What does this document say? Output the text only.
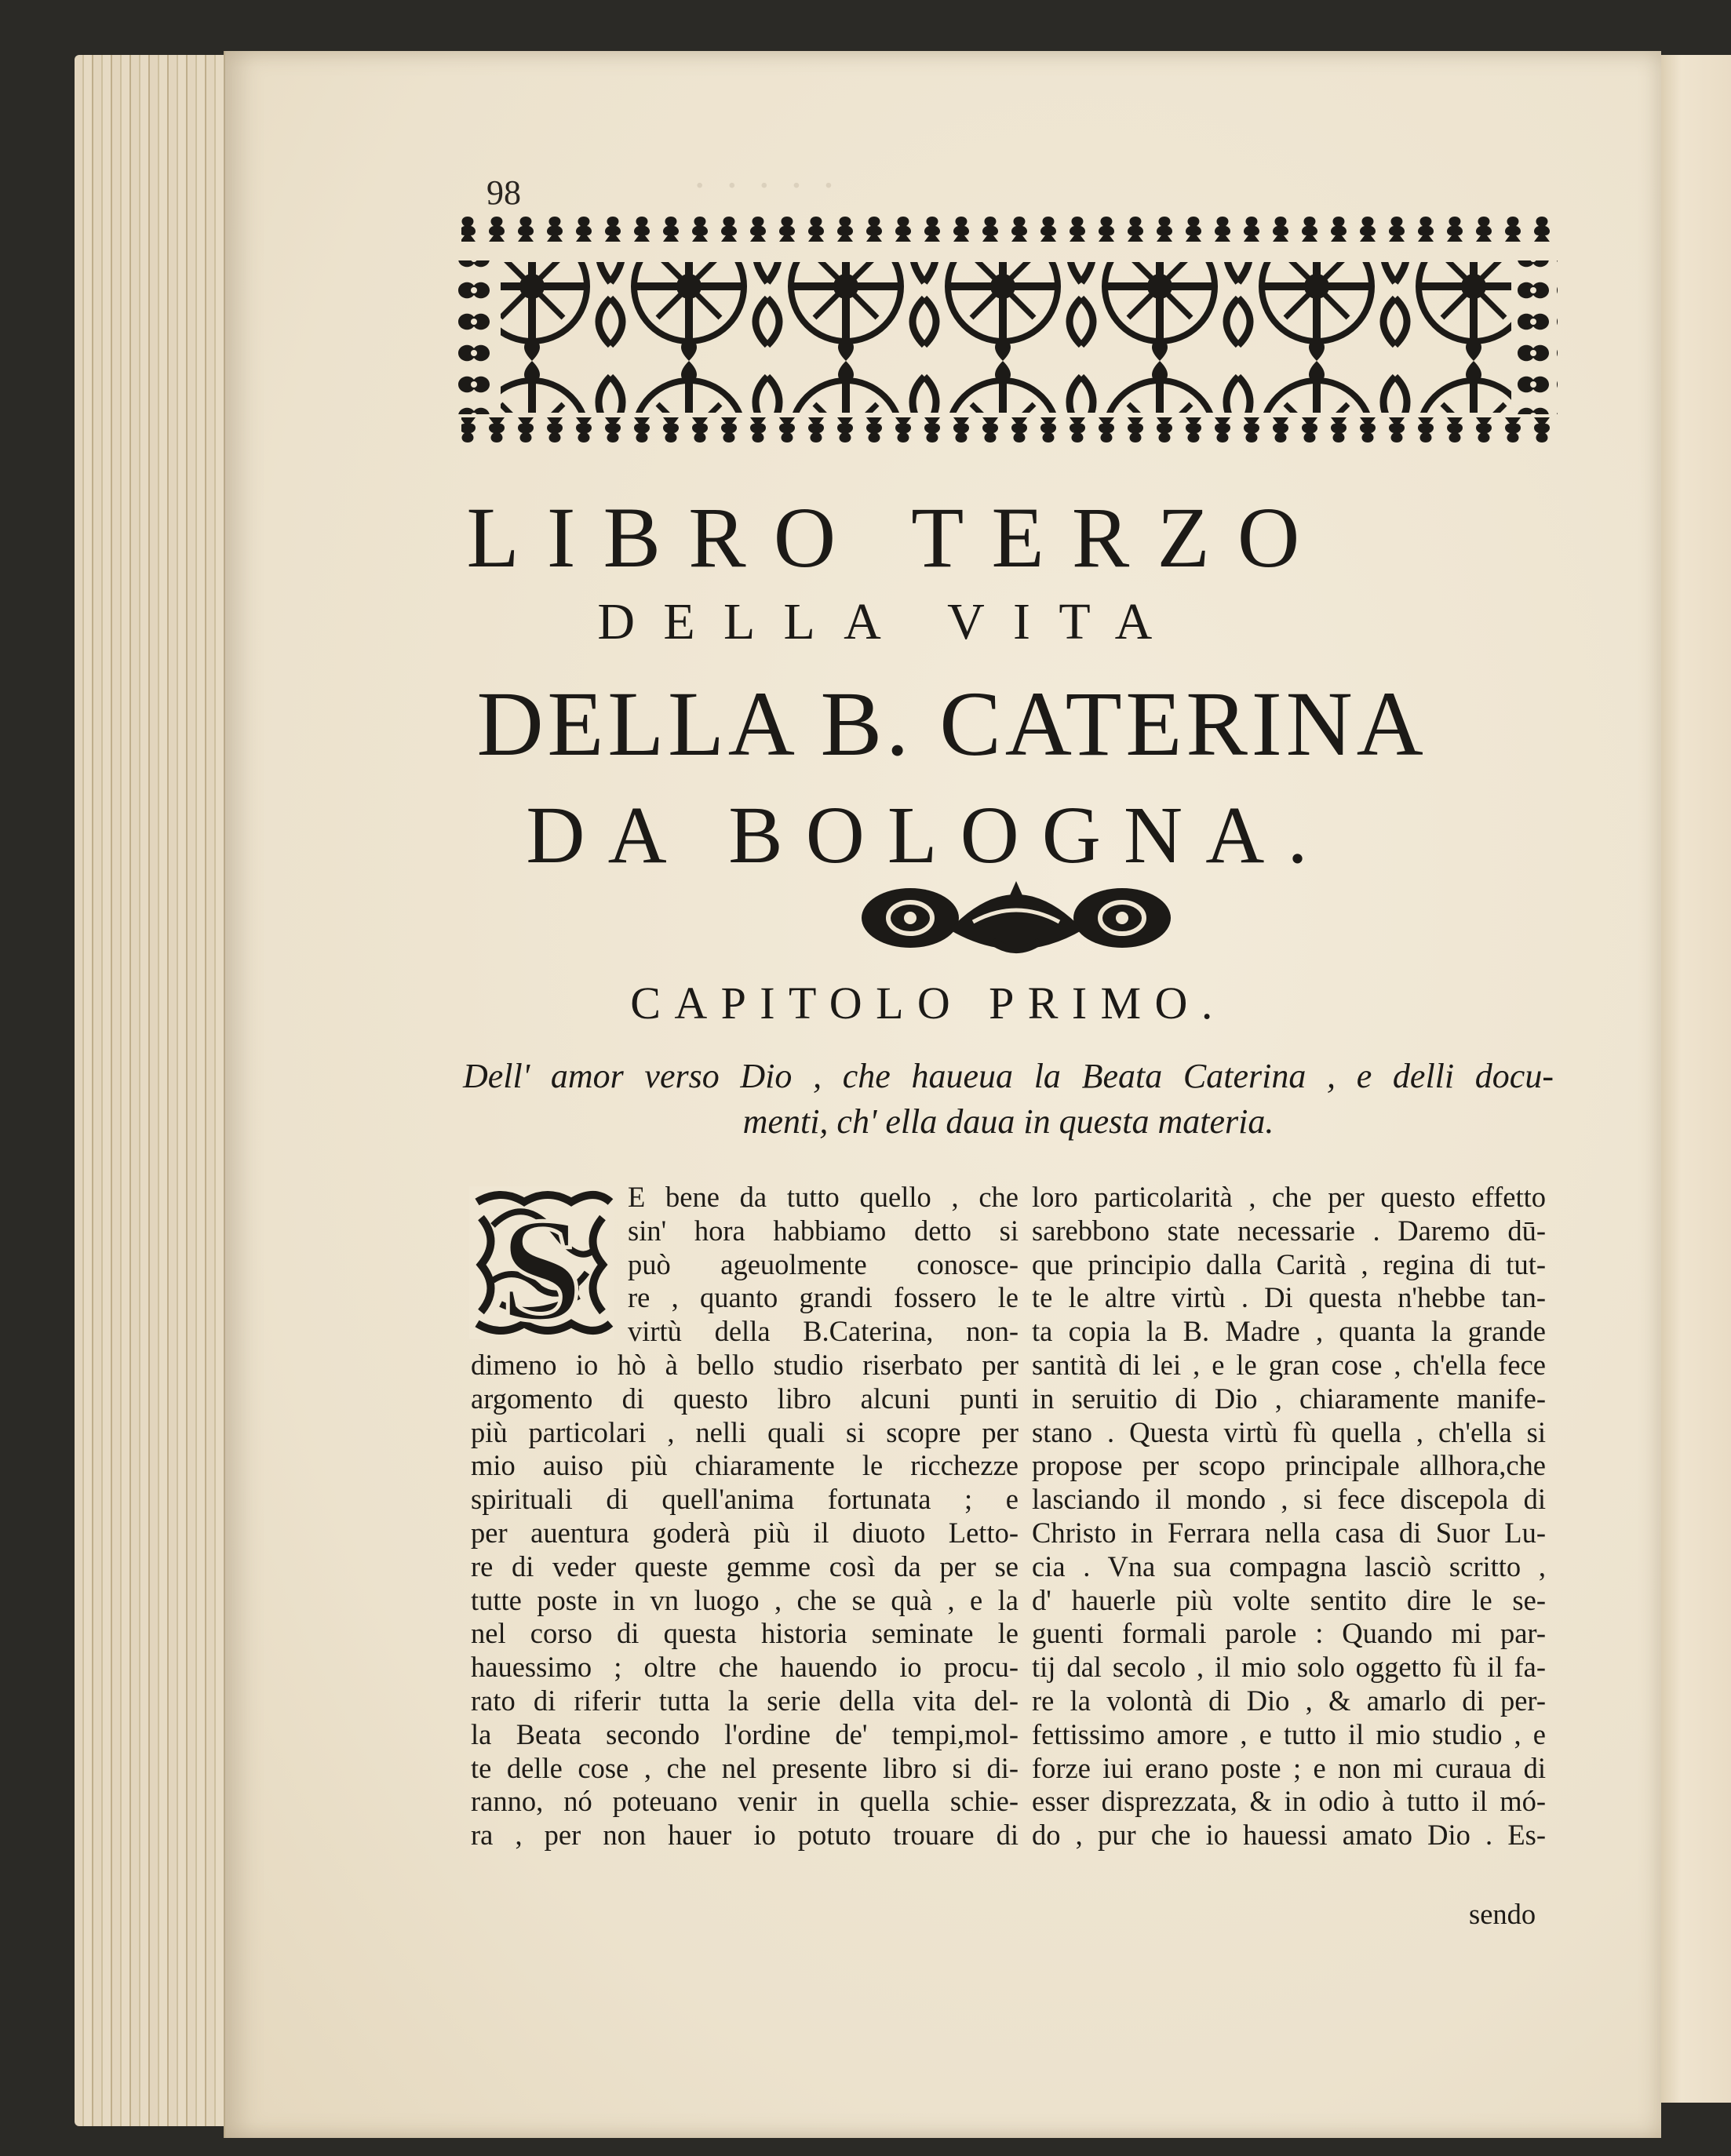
·····
98
LIBRO TERZO
DELLA VITA
DELLA B. CATERINA
DA BOLOGNA.
CAPITOLO PRIMO.
Dell' amor verso Dio , che haueua la Beata Caterina , e delli docu-
menti, ch' ella daua in questa materia.
S	E bene da tutto quello , che
sin' hora habbiamo detto si
può ageuolmente conosce-
re , quanto grandi fossero le
virtù della B.Caterina, non-
dimeno io hò à bello studio riserbato per
argomento di questo libro alcuni punti
più particolari , nelli quali si scopre per
mio auiso più chiaramente le ricchezze
spirituali di quell'anima fortunata ; e
per auentura goderà più il diuoto Letto-
re di veder queste gemme così da per se
tutte poste in vn luogo , che se quà , e la
nel corso di questa historia seminate le
hauessimo ; oltre che hauendo io procu-
rato di riferir tutta la serie della vita del-
la Beata secondo l'ordine de' tempi,mol-
te delle cose , che nel presente libro si di-
ranno, nó poteuano venir in quella schie-
ra , per non hauer io potuto trouare di
loro particolarità , che per questo effetto
sarebbono state necessarie . Daremo dū-
que principio dalla Carità , regina di tut-
te le altre virtù . Di questa n'hebbe tan-
ta copia la B. Madre , quanta la grande
santità di lei , e le gran cose , ch'ella fece
in seruitio di Dio , chiaramente manife-
stano . Questa virtù fù quella , ch'ella si
propose per scopo principale allhora,che
lasciando il mondo , si fece discepola di
Christo in Ferrara nella casa di Suor Lu-
cia . Vna sua compagna lasciò scritto ,
d' hauerle più volte sentito dire le se-
guenti formali parole : Quando mi par-
tij dal secolo , il mio solo oggetto fù il fa-
re la volontà di Dio , & amarlo di per-
fettissimo amore , e tutto il mio studio , e
forze iui erano poste ; e non mi curaua di
esser disprezzata, & in odio à tutto il mó-
do , pur che io hauessi amato Dio . Es-
sendo
